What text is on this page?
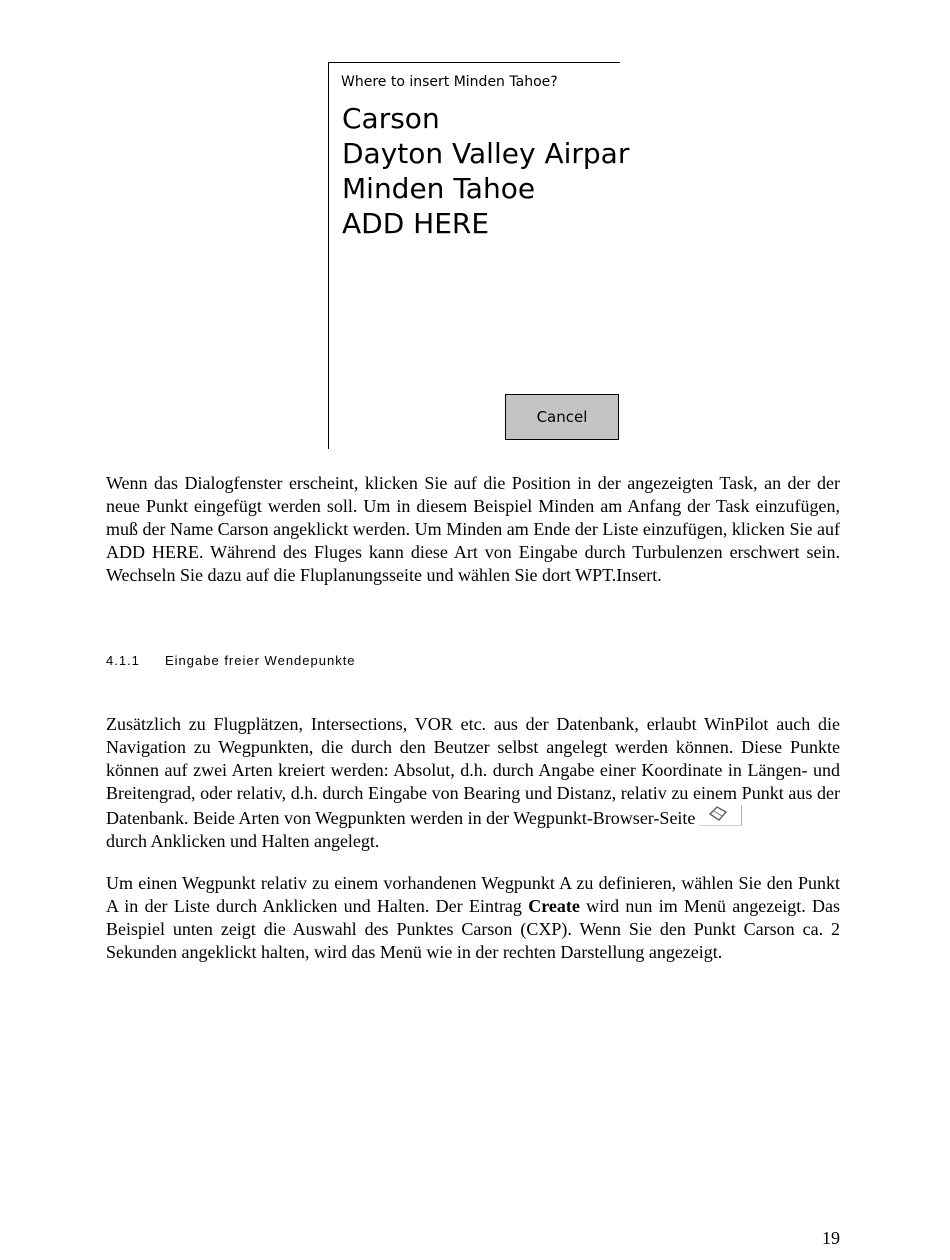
Where to insert Minden Tahoe?
Carson
Dayton Valley Airpar
Minden Tahoe
ADD HERE
Cancel

Wenn das Dialogfenster erscheint, klicken Sie auf die Position in der angezeigten Task, an der der neue Punkt eingefügt werden soll. Um in diesem Beispiel Minden am Anfang der Task einzufügen, muß der Name Carson angeklickt werden. Um Minden am Ende der Liste einzufügen, klicken Sie auf ADD HERE. Während des Fluges kann diese Art von Eingabe durch Turbulenzen erschwert sein. Wechseln Sie dazu auf die Fluplanungsseite und wählen Sie dort WPT.Insert.

4.1.1 Eingabe freier Wendepunkte

Zusätzlich zu Flugplätzen, Intersections, VOR etc. aus der Datenbank, erlaubt WinPilot auch die Navigation zu Wegpunkten, die durch den Beutzer selbst angelegt werden können. Diese Punkte können auf zwei Arten kreiert werden: Absolut, d.h. durch Angabe einer Koordinate in Längen- und Breitengrad, oder relativ, d.h. durch Eingabe von Bearing und Distanz, relativ zu einem Punkt aus der Datenbank. Beide Arten von Wegpunkten werden in der Wegpunkt-Browser-Seite

durch Anklicken und Halten angelegt.

Um einen Wegpunkt relativ zu einem vorhandenen Wegpunkt A zu definieren, wählen Sie den Punkt A in der Liste durch Anklicken und Halten. Der Eintrag Create wird nun im Menü angezeigt. Das Beispiel unten zeigt die Auswahl des Punktes Carson (CXP). Wenn Sie den Punkt Carson ca. 2 Sekunden angeklickt halten, wird das Menü wie in der rechten Darstellung angezeigt.

19
